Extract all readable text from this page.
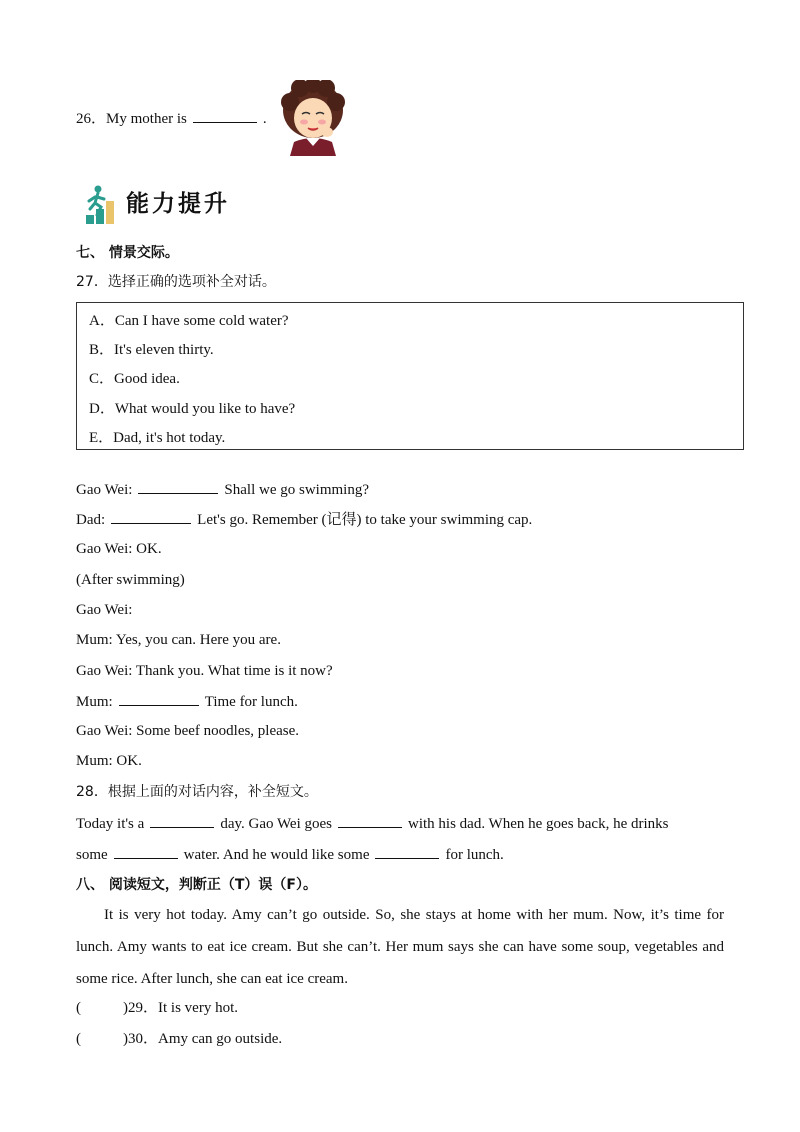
26．My mother is	.
能力提升
七、 情景交际。
27．选择正确的选项补全对话。
A．Can I have some cold water?
B．It's eleven thirty.
C．Good idea.
D．What would you like to have?
E．Dad, it's hot today.
Gao Wei:	Shall we go swimming?
Dad:	Let's go. Remember (记得) to take your swimming cap.
Gao Wei: OK.
(After swimming)
Gao Wei:
Mum: Yes, you can. Here you are.
Gao Wei: Thank you. What time is it now?
Mum:	Time for lunch.
Gao Wei: Some beef noodles, please.
Mum: OK.
28．根据上面的对话内容，补全短文。
Today it's a	day. Gao Wei goes	with his dad. When he goes back, he drinks
some	water. And he would like some	for lunch.
八、 阅读短文，判断正（T）误（F）。

It is very hot today. Amy can’t go outside. So, she stays at home with her mum. Now, it’s time for lunch. Amy wants to eat ice cream. But she can’t. Her mum says she can have some soup, vegetables and some rice. After lunch, she can eat ice cream.

(	)29．It is very hot.
(	)30．Amy can go outside.
